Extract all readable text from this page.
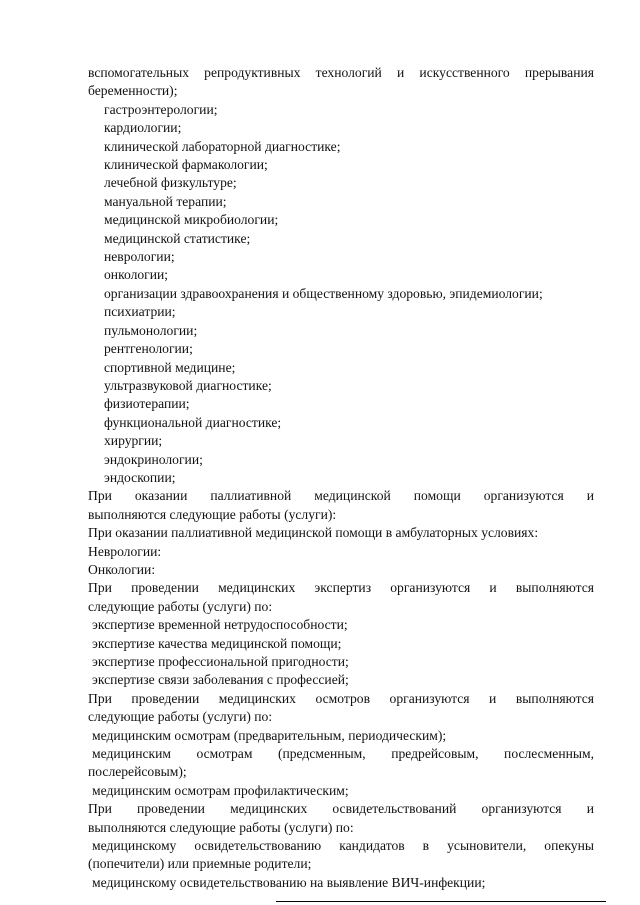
вспомогательных репродуктивных технологий и искусственного прерывания
беременности);
гастроэнтерологии;
кардиологии;
клинической лабораторной диагностике;
клинической фармакологии;
лечебной физкультуре;
мануальной терапии;
медицинской микробиологии;
медицинской статистике;
неврологии;
онкологии;
организации здравоохранения и общественному здоровью, эпидемиологии;
психиатрии;
пульмонологии;
рентгенологии;
спортивной медицине;
ультразвуковой диагностике;
физиотерапии;
функциональной диагностике;
хирургии;
эндокринологии;
эндоскопии;
При оказании паллиативной медицинской помощи организуются и
выполняются следующие работы (услуги):
При оказании паллиативной медицинской помощи в амбулаторных условиях:
Неврологии:
Онкологии:
При проведении медицинских экспертиз организуются и выполняются
следующие работы (услуги) по:
экспертизе временной нетрудоспособности;
экспертизе качества медицинской помощи;
экспертизе профессиональной пригодности;
экспертизе связи заболевания с профессией;
При проведении медицинских осмотров организуются и выполняются
следующие работы (услуги) по:
медицинским осмотрам (предварительным, периодическим);
медицинским осмотрам (предсменным, предрейсовым, послесменным,
послерейсовым);
медицинским осмотрам профилактическим;
При проведении медицинских освидетельствований организуются и
выполняются следующие работы (услуги) по:
медицинскому освидетельствованию кандидатов в усыновители, опекуны
(попечители) или приемные родители;
медицинскому освидетельствованию на выявление ВИЧ-инфекции;
